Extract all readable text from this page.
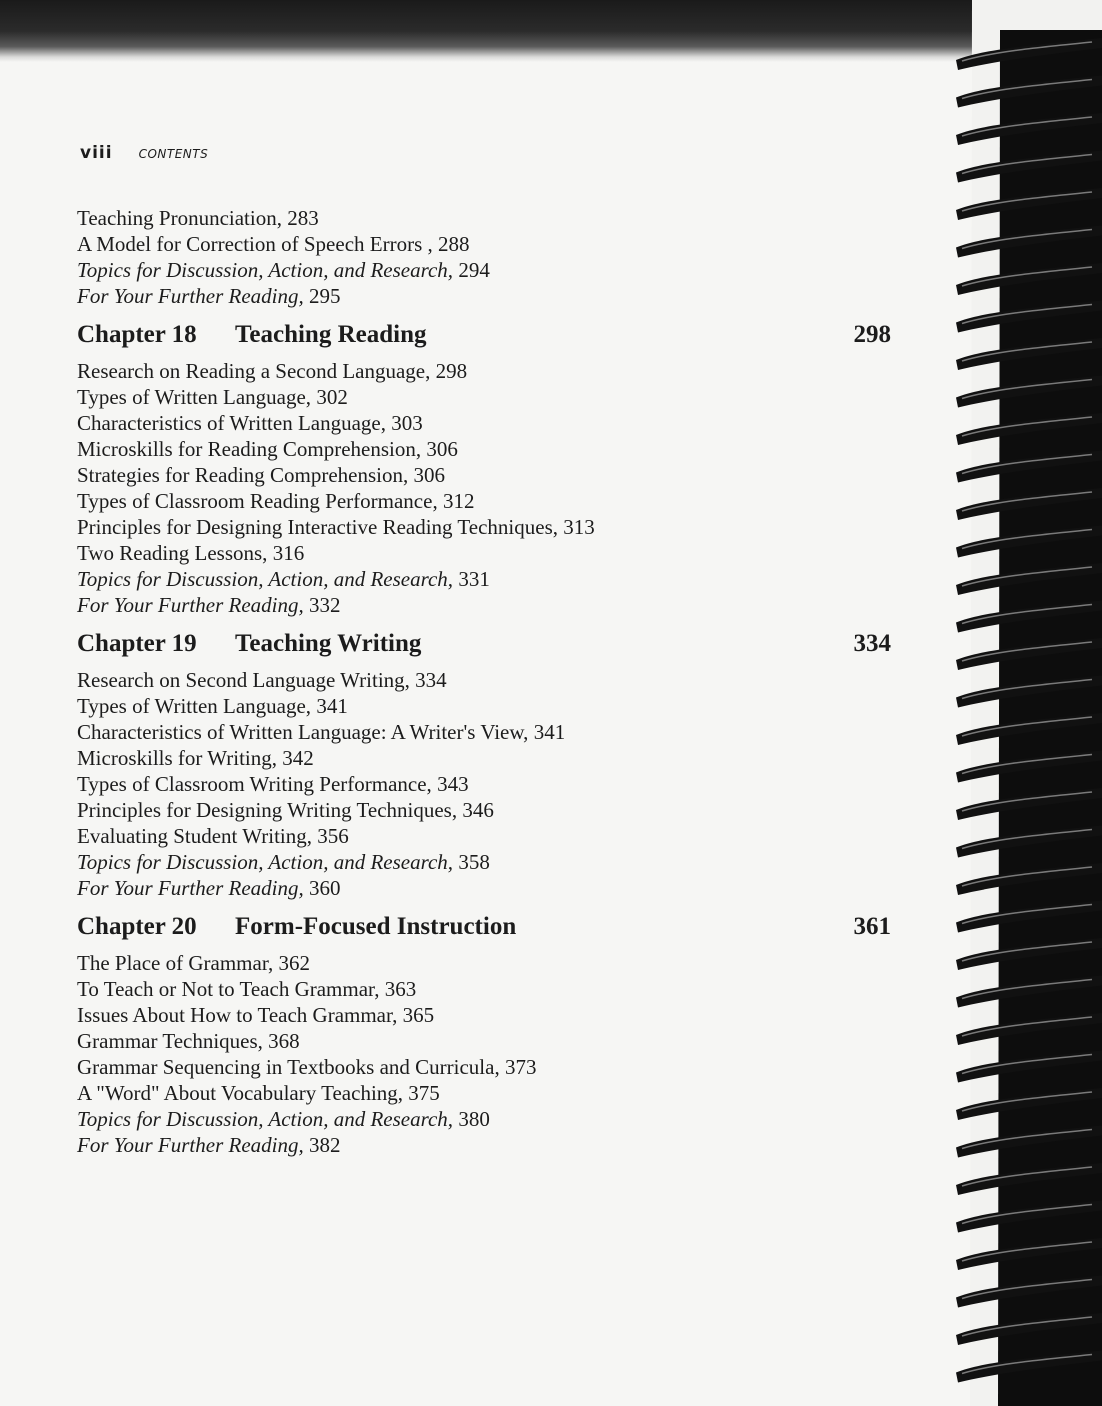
viii CONTENTS
Teaching Pronunciation, 283
A Model for Correction of Speech Errors , 288
Topics for Discussion, Action, and Research, 294
For Your Further Reading, 295
Chapter 18	Teaching Reading	298
Research on Reading a Second Language, 298
Types of Written Language, 302
Characteristics of Written Language, 303
Microskills for Reading Comprehension, 306
Strategies for Reading Comprehension, 306
Types of Classroom Reading Performance, 312
Principles for Designing Interactive Reading Techniques, 313
Two Reading Lessons, 316
Topics for Discussion, Action, and Research, 331
For Your Further Reading, 332
Chapter 19	Teaching Writing	334
Research on Second Language Writing, 334
Types of Written Language, 341
Characteristics of Written Language: A Writer's View, 341
Microskills for Writing, 342
Types of Classroom Writing Performance, 343
Principles for Designing Writing Techniques, 346
Evaluating Student Writing, 356
Topics for Discussion, Action, and Research, 358
For Your Further Reading, 360
Chapter 20	Form-Focused Instruction	361
The Place of Grammar, 362
To Teach or Not to Teach Grammar, 363
Issues About How to Teach Grammar, 365
Grammar Techniques, 368
Grammar Sequencing in Textbooks and Curricula, 373
A "Word" About Vocabulary Teaching, 375
Topics for Discussion, Action, and Research, 380
For Your Further Reading, 382
